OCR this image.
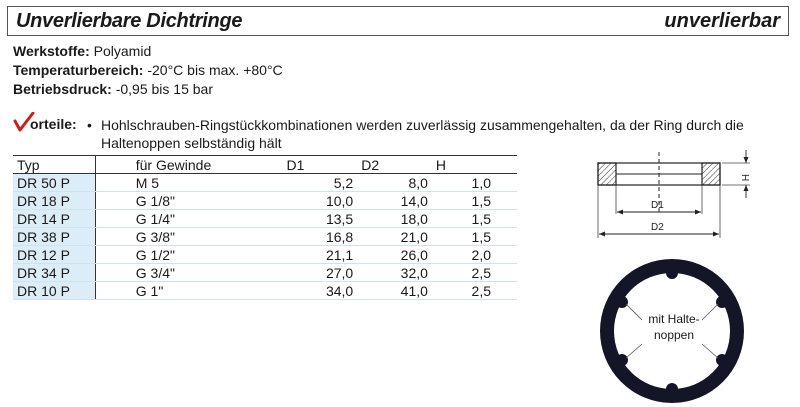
Unverlierbare Dichtringe	unverlierbar
Werkstoffe: Polyamid
Temperaturbereich: -20°C bis max. +80°C
Betriebsdruck: -0,95 bis 15 bar
orteile: • Hohlschrauben-Ringstückkombinationen werden zuverlässig zusammengehalten, da der Ring durch die Haltenoppen selbständig hält
Typ	für Gewinde	D1	D2	H
DR 50 P	M 5	5,2	8,0	1,0
DR 18 P	G 1/8"	10,0	14,0	1,5
DR 14 P	G 1/4"	13,5	18,0	1,5
DR 38 P	G 3/8"	16,8	21,0	1,5
DR 12 P	G 1/2"	21,1	26,0	2,0
DR 34 P	G 3/4"	27,0	32,0	2,5
DR 10 P	G 1"	34,0	41,0	2,5
D1
D2
H
mit Halte-
noppen
